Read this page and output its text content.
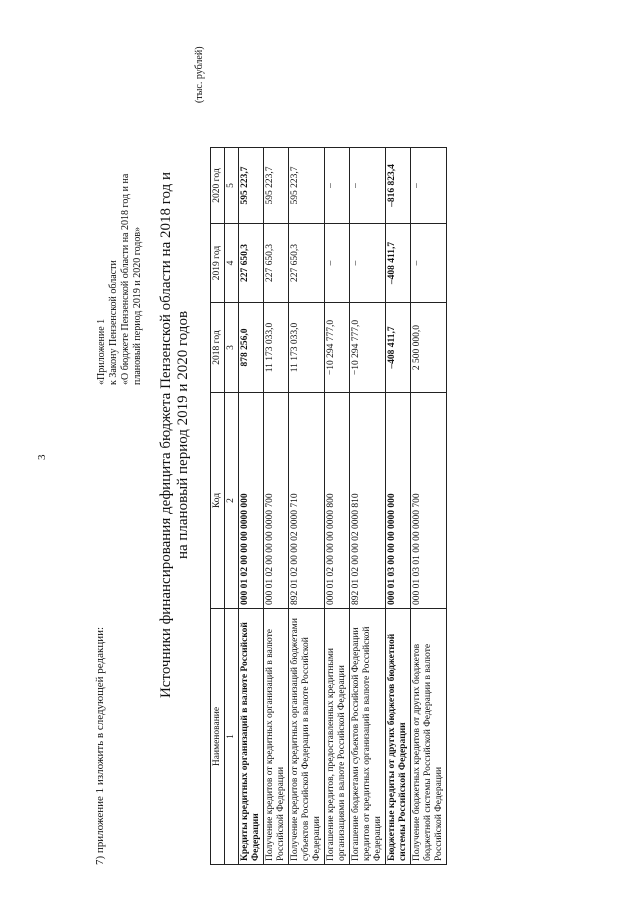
3
7) приложение 1 изложить в следующей редакции:
«Приложение 1 к Закону Пензенской области «О бюджете Пензенской области на 2018 год и на плановый период 2019 и 2020 годов» Источники финансирования дефицита бюджета Пензенской области на 2018 год и на плановый период 2019 и 2020 годов
(тыс. рублей)
Наименование	Код	2018 год	2019 год	2020 год
1	2	3	4	5
Кредиты кредитных организаций в валюте Российской Федерации	000 01 02 00 00 00 0000 000	878 256,0	227 650,3	595 223,7
Получение кредитов от кредитных организаций в валюте Российской Федерации	000 01 02 00 00 00 0000 700	11 173 033,0	227 650,3	595 223,7
Получение кредитов от кредитных организаций бюджетами субъектов Российской Федерации в валюте Российской Федерации	892 01 02 00 00 02 0000 710	11 173 033,0	227 650,3	595 223,7
Погашение кредитов, предоставленных кредитными организациями в валюте Российской Федерации	000 01 02 00 00 00 0000 800	−10 294 777,0	–	–
Погашение бюджетами субъектов Российской Федерации кредитов от кредитных организаций в валюте Российской Федерации	892 01 02 00 00 02 0000 810	−10 294 777,0	–	–
Бюджетные кредиты от других бюджетов бюджетной системы Российской Федерации	000 01 03 00 00 00 0000 000	–408 411,7	–408 411,7	–816 823,4
Получение бюджетных кредитов от других бюджетов бюджетной системы Российской Федерации в валюте Российской Федерации	000 01 03 01 00 00 0000 700	2 500 000,0	–	–
